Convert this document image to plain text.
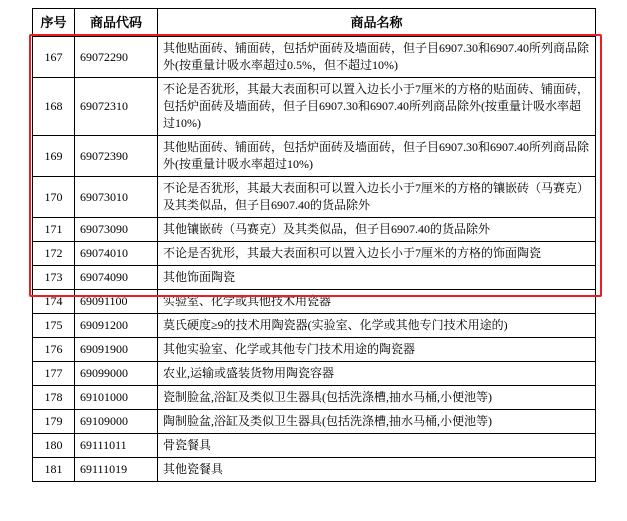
序号	商品代码	商品名称
167	69072290	其他贴面砖、铺面砖，包括炉面砖及墙面砖，但子目6907.30和6907.40所列商品除外(按重量计吸水率超过0.5%，但不超过10%)
168	69072310	不论是否犹形，其最大表面积可以置入边长小于7厘米的方格的贴面砖、铺面砖，包括炉面砖及墙面砖，但子目6907.30和6907.40所列商品除外(按重量计吸水率超过10%)
169	69072390	其他贴面砖、铺面砖，包括炉面砖及墙面砖，但子目6907.30和6907.40所列商品除外(按重量计吸水率超过10%)
170	69073010	不论是否犹形，其最大表面积可以置入边长小于7厘米的方格的镶嵌砖（马赛克）及其类似品，但子目6907.40的货品除外
171	69073090	其他镶嵌砖（马赛克）及其类似品，但子目6907.40的货品除外
172	69074010	不论是否犹形，其最大表面积可以置入边长小于7厘米的方格的饰面陶瓷
173	69074090	其他饰面陶瓷
174	69091100	实验室、化学或其他技术用瓷器
175	69091200	莫氏硬度≥9的技术用陶瓷器(实验室、化学或其他专门技术用途的)
176	69091900	其他实验室、化学或其他专门技术用途的陶瓷器
177	69099000	农业,运输或盛装货物用陶瓷容器
178	69101000	瓷制脸盆,浴缸及类似卫生器具(包括洗涤槽,抽水马桶,小便池等)
179	69109000	陶制脸盆,浴缸及类似卫生器具(包括洗涤槽,抽水马桶,小便池等)
180	69111011	骨瓷餐具
181	69111019	其他瓷餐具
